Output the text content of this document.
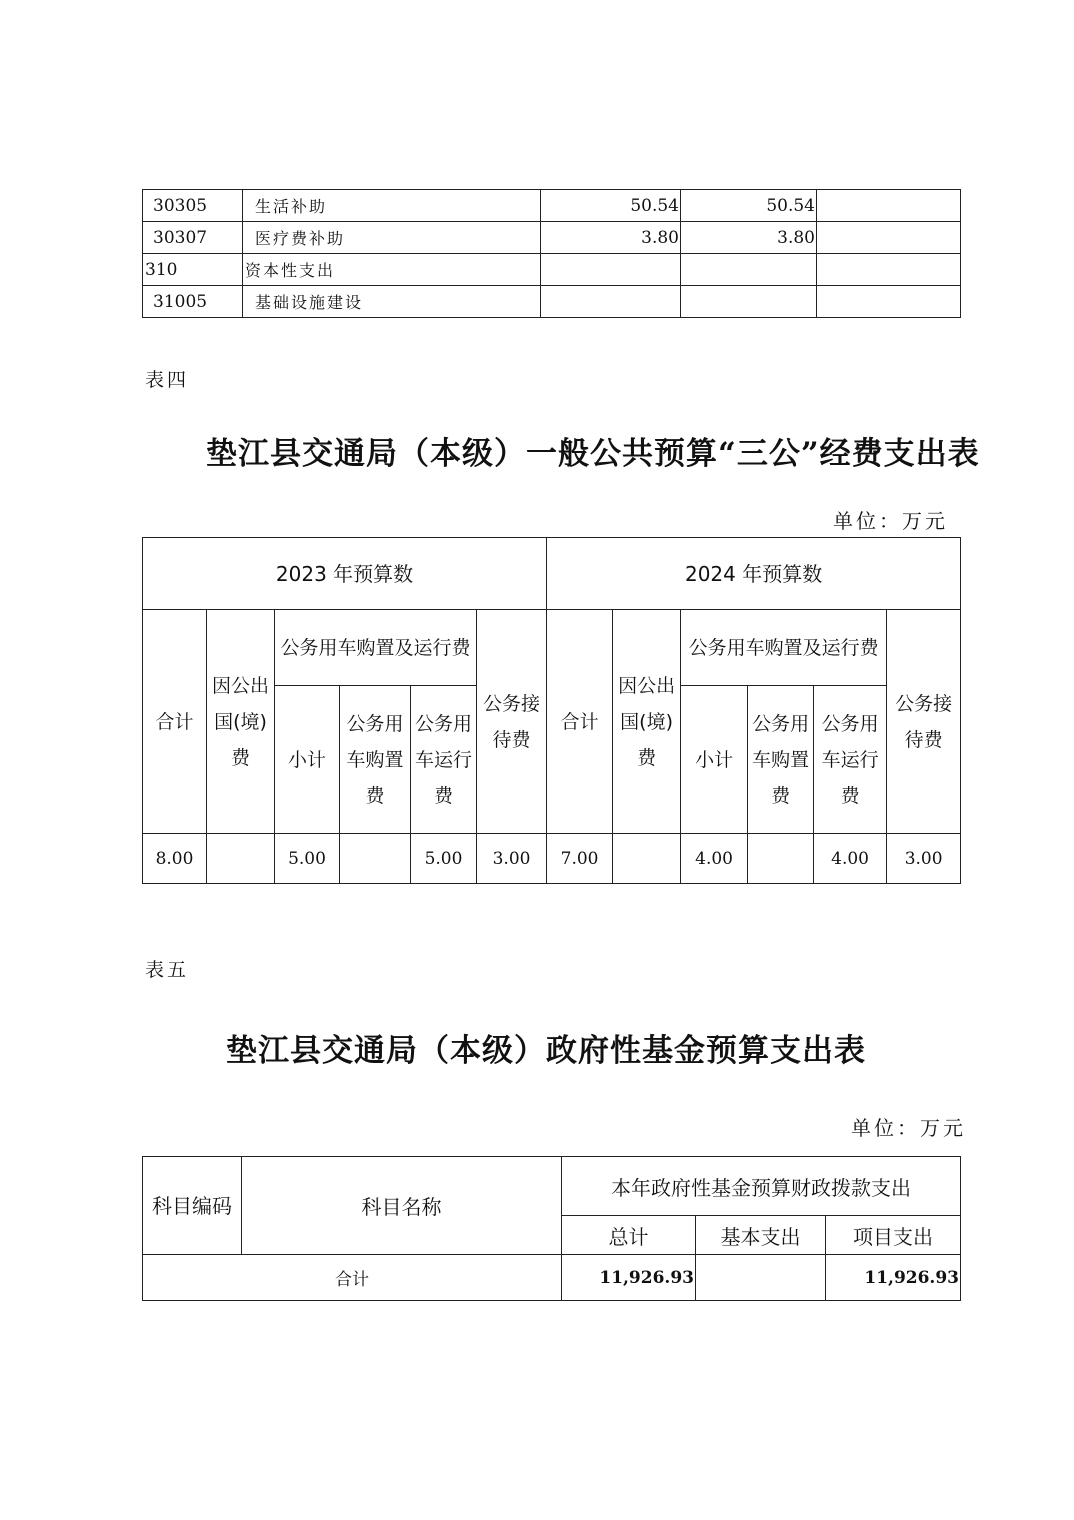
30305	生活补助	50.54	50.54	
30307	医疗费补助	3.80	3.80	
310	资本性支出			
31005	基础设施建设			
表四
垫江县交通局（本级）一般公共预算“三公”经费支出表
单位：万元
2023 年预算数						2024 年预算数					
合计	因公出国(境)费	公务用车购置及运行费			公务接待费	合计	因公出国(境)费	公务用车购置及运行费			公务接待费
		小计	公务用车购置费	公务用车运行费				小计	公务用车购置费	公务用车运行费	
8.00		5.00		5.00	3.00	7.00		4.00		4.00	3.00
表五
垫江县交通局（本级）政府性基金预算支出表
单位：万元
科目编码	科目名称	本年政府性基金预算财政拨款支出		
		总计	基本支出	项目支出
合计		11,926.93		11,926.93
